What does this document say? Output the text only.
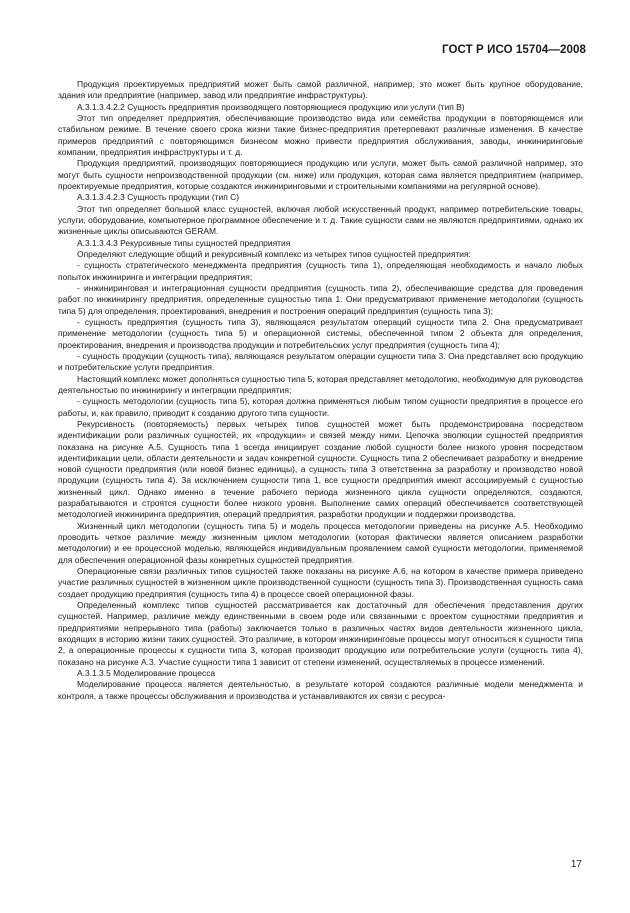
ГОСТ Р ИСО 15704—2008

Продукция проектируемых предприятий может быть самой различной, например, это может быть крупное оборудование, здания или предприятие (например, завод или предприятие инфраструктуры).

А.3.1.3.4.2.2 Сущность предприятия производящего повторяющиеся продукцию или услуги (тип В)

Этот тип определяет предприятия, обеспечивающие производство вида или семейства продукции в повторяющемся или стабильном режиме. В течение своего срока жизни такие бизнес-предприятия претерпевают различные изменения. В качестве примеров предприятий с повторяющимся бизнесом можно привести предприятия обслуживания, заводы, инжиниринговые компании, предприятия инфраструктуры и т. д.

Продукция предприятий, производящих повторяющиеся продукцию или услуги, может быть самой различной например, это могут быть сущности непроизводственной продукции (см. ниже) или продукция, которая сама является предприятием (например, проектируемые предприятия, которые создаются инжиниринговыми и строительными компаниями на регулярной основе).

А.3.1.3.4.2.3 Сущность продукции (тип С)

Этот тип определяет большой класс сущностей, включая любой искусственный продукт, например потребительские товары, услуги, оборудование, компьютерное программное обеспечение и т. д. Такие сущности сами не являются предприятиями, однако их жизненные циклы описываются GERAM.

А.3.1.3.4.3 Рекурсивные типы сущностей предприятия

Определяют следующие общий и рекурсивный комплекс из четырех типов сущностей предприятия:

- сущность стратегического менеджмента предприятия (сущность типа 1), определяющая необходимость и начало любых попыток инжиниринга и интеграции предприятия;

- инжиниринговая и интеграционная сущности предприятия (сущность типа 2), обеспечивающие средства для проведения работ по инжинирингу предприятия, определенные сущностью типа 1. Они предусматривают применение методологии (сущность типа 5) для определения, проектирования, внедрения и построения операций предприятия (сущность типа 3);

- сущность предприятия (сущность типа 3), являющаяся результатом операций сущности типа 2. Она предусматривает применение методологии (сущность типа 5) и операционной системы, обеспеченной типом 2 объекта для определения, проектирования, внедрения и производства продукции и потребительских услуг предприятия (сущность типа 4);

- сущность продукции (сущность типа), являющаяся результатом операции сущности типа 3. Она представляет всю продукцию и потребительские услуги предприятия.

Настоящий комплекс может дополняться сущностью типа 5, которая представляет методологию, необходимую для руководства деятельностью по инжинирингу и интеграции предприятия;

- сущность методологии (сущность типа 5), которая должна применяться любым типом сущности предприятия в процессе его работы, и, как правило, приводит к созданию другого типа сущности.

Рекурсивность (повторяемость) первых четырех типов сущностей может быть продемонстрирована посредством идентификации роли различных сущностей, их «продукции» и связей между ними. Цепочка эволюции сущностей предприятия показана на рисунке А.5. Сущность типа 1 всегда инициирует создание любой сущности более низкого уровня посредством идентификации цели, области деятельности и задач конкретной сущности. Сущность типа 2 обеспечивает разработку и внедрение новой сущности предприятия (или новой бизнес единицы), а сущность типа 3 ответственна за разработку и производство новой продукции (сущность типа 4). За исключением сущности типа 1, все сущности предприятия имеют ассоциируемый с сущностью жизненный цикл. Однако именно в течение рабочего периода жизненного цикла сущности определяются, создаются, разрабатываются и строятся сущности более низкого уровня. Выполнение самих операций обеспечивается соответствующей методологией инжиниринга предприятия, операций предприятия, разработки продукции и поддержки производства.

Жизненный цикл методологии (сущность типа 5) и модель процесса методологии приведены на рисунке А.5. Необходимо проводить четкое различие между жизненным циклом методологии (которая фактически является описанием разработки методологии) и ее процессной моделью, являющейся индивидуальным проявлением самой сущности методологии, применяемой для обеспечения операционной фазы конкретных сущностей предприятия.

Операционные связи различных типов сущностей также показаны на рисунке А.6, на котором в качестве примера приведено участие различных сущностей в жизненном цикле производственной сущности (сущность типа 3). Производственная сущность сама создает продукцию предприятия (сущность типа 4) в процессе своей операционной фазы.

Определенный комплекс типов сущностей рассматривается как достаточный для обеспечения представления других сущностей. Например, различие между единственными в своем роде или связанными с проектом сущностями предприятия и предприятиями непрерывного типа (работы) заключается только в различных частях видов деятельности жизненного цикла, входящих в историю жизни таких сущностей. Это различие, в котором инжиниринговые процессы могут относиться к сущности типа 2, а операционные процессы к сущности типа 3, которая производит продукцию или потребительские услуги (сущность типа 4), показано на рисунке А.3. Участие сущности типа 1 зависит от степени изменений, осуществляемых в процессе изменений.

А.3.1.3.5 Моделирование процесса

Моделирование процесса является деятельностью, в результате которой создаются различные модели менеджмента и контроля, а также процессы обслуживания и производства и устанавливаются их связи с ресурса-

17
